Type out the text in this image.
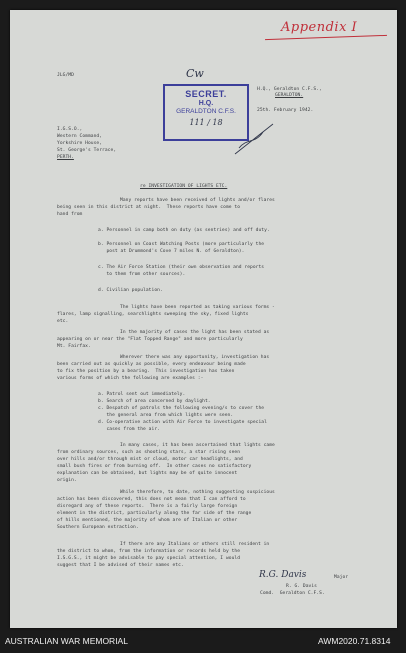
Appendix I
JLG/MD	Cw
SECRET.
H.Q.
GERALDTON C.F.S.
111 / 18
H.Q., Geraldton C.F.S.,
GERALDTON.
25th. February 1942.
I.G.S.O.,
Western Command,
Yorkshire House,
St. George's Terrace,
PERTH.
re INVESTIGATION OF LIGHTS ETC.
Many reports have been received of lights and/or flares
being seen in this district at night.  These reports have come to
hand from
a. Personnel in camp both on duty (as sentries) and off duty.
b. Personnel on Coast Watching Posts (more particularly the
post at Drummond's Cove 7 miles N. of Geraldton).
c. The Air Force Station (their own observation and reports
to them from other sources).
d. Civilian population.
The lights have been reported as taking various forms -
flares, lamp signalling, searchlights sweeping the sky, fixed lights
etc.
In the majority of cases the light has been stated as
appearing on or near the "Flat Topped Range" and more particularly
Mt. Fairfax.
Wherever there was any opportunity, investigation has
been carried out as quickly as possible, every endeavour being made
to fix the position by a bearing.  This investigation has taken
various forms of which the following are examples :-
a. Patrol sent out immediately.
b. Search of area concerned by daylight.
c. Despatch of patrols the following evening/s to cover the
the general area from which lights were seen.
d. Co-operative action with Air Force to investigate special
cases from the air.
In many cases, it has been ascertained that lights came
from ordinary sources, such as shooting stars, a star rising seen
over hills and/or through mist or cloud, motor car headlights, and
small bush fires or from burning off.  In other cases no satisfactory
explanation can be obtained, but lights may be of quite innocent
origin.
While therefore, to date, nothing suggesting suspicious
action has been discovered, this does not mean that I can afford to
disregard any of these reports.  There is a fairly large foreign
element in the district, particularly along the far side of the range
of hills mentioned, the majority of whom are of Italian or other
Southern European extraction.
If there are any Italians or others still resident in
the district to whom, from the information or records held by the
I.S.G.S., it might be advisable to pay special attention, I would
suggest that I be advised of their names etc.
R.G. Davis	Major
R. G. Davis
Comd.  Geraldton C.F.S.
AUSTRALIAN WAR MEMORIAL	AWM2020.71.8314
